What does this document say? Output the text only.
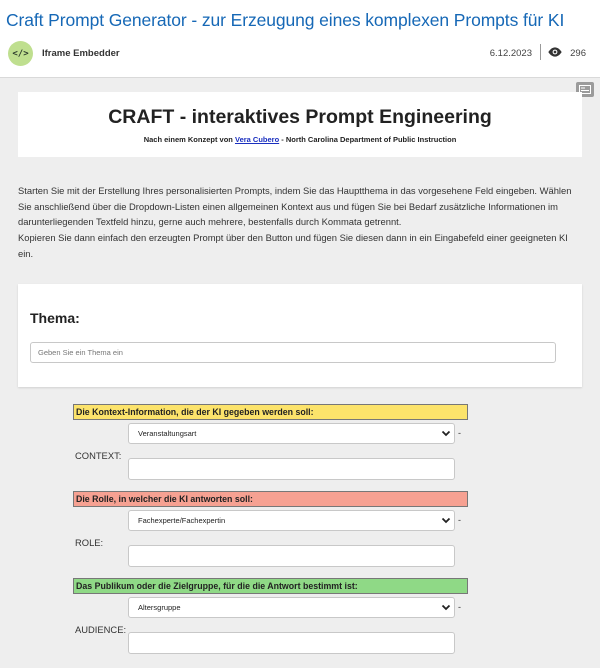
Craft Prompt Generator - zur Erzeugung eines komplexen Prompts für KI
</> Iframe Embedder	6.12.2023	296
CRAFT - interaktives Prompt Engineering
Nach einem Konzept von Vera Cubero - North Carolina Department of Public Instruction

Starten Sie mit der Erstellung Ihres personalisierten Prompts, indem Sie das Hauptthema in das vorgesehene Feld eingeben. Wählen Sie anschließend über die Dropdown-Listen einen allgemeinen Kontext aus und fügen Sie bei Bedarf zusätzliche Informationen im darunterliegenden Textfeld hinzu, gerne auch mehrere, bestenfalls durch Kommata getrennt.

Kopieren Sie dann einfach den erzeugten Prompt über den Button und fügen Sie diesen dann in ein Eingabefeld einer geeigneten KI ein.

Thema:
Geben Sie ein Thema ein
Die Kontext-Information, die der KI gegeben werden soll:
Veranstaltungsart	-
CONTEXT:
Die Rolle, in welcher die KI antworten soll:
Fachexperte/Fachexpertin	-
ROLE:
Das Publikum oder die Zielgruppe, für die die Antwort bestimmt ist:
Altersgruppe	-
AUDIENCE:
